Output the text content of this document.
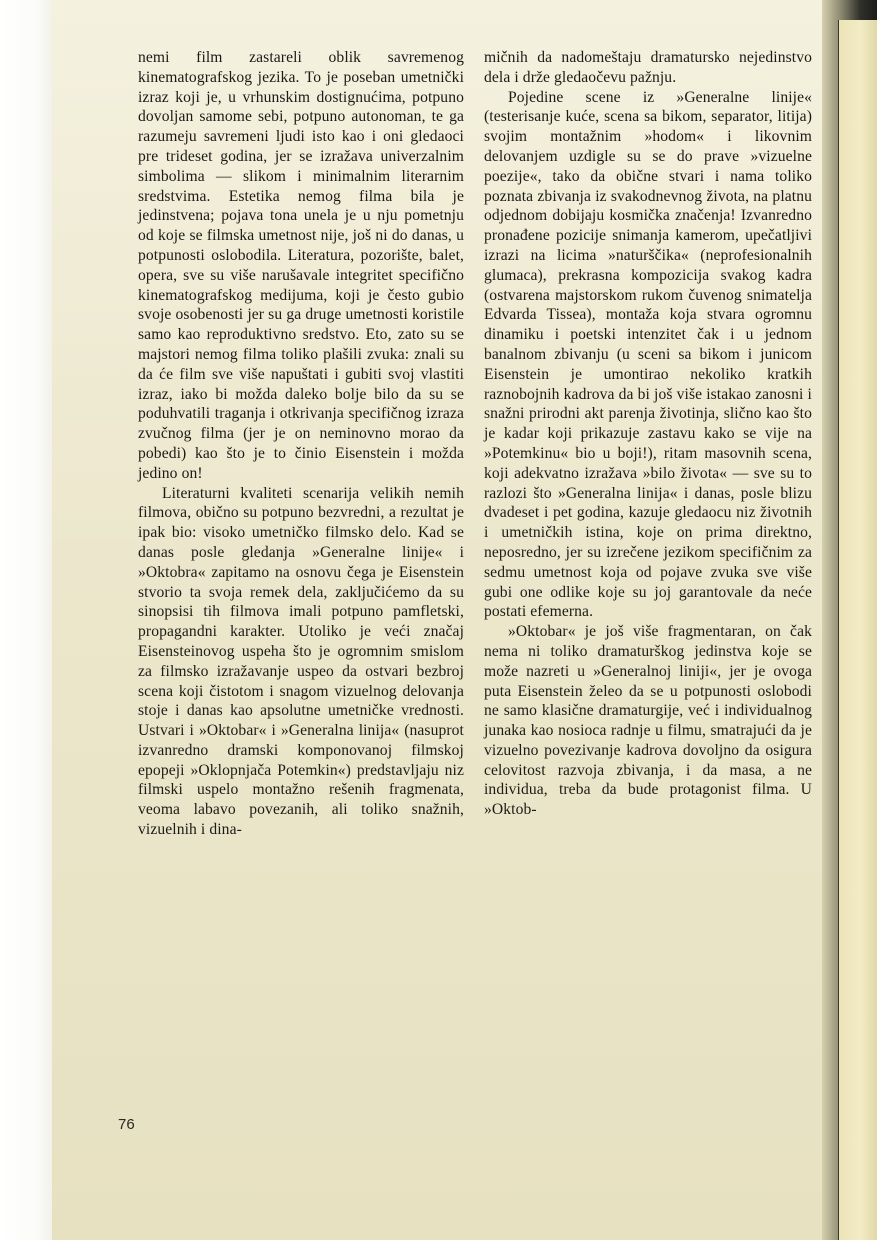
nemi film zastareli oblik savremenog kinematografskog jezika. To je poseban umetnički izraz koji je, u vrhunskim dostignućima, potpuno dovoljan samome sebi, potpuno autonoman, te ga razumeju savremeni ljudi isto kao i oni gledaoci pre trideset godina, jer se izražava univerzalnim simbolima — slikom i minimalnim literarnim sredstvima. Estetika nemog filma bila je jedinstvena; pojava tona unela je u nju pometnju od koje se filmska umetnost nije, još ni do danas, u potpunosti oslobodila. Literatura, pozorište, balet, opera, sve su više narušavale integritet specifično kinematografskog medijuma, koji je često gubio svoje osobenosti jer su ga druge umetnosti koristile samo kao reproduktivno sredstvo. Eto, zato su se majstori nemog filma toliko plašili zvuka: znali su da će film sve više napuštati i gubiti svoj vlastiti izraz, iako bi možda daleko bolje bilo da su se poduhvatili traganja i otkrivanja specifičnog izraza zvučnog filma (jer je on neminovno morao da pobedi) kao što je to činio Eisenstein i možda jedino on!

Literaturni kvaliteti scenarija velikih nemih filmova, obično su potpuno bezvredni, a rezultat je ipak bio: visoko umetničko filmsko delo. Kad se danas posle gledanja »Generalne linije« i »Oktobra« zapitamo na osnovu čega je Eisenstein stvorio ta svoja remek dela, zaključićemo da su sinopsisi tih filmova imali potpuno pamfletski, propagandni karakter. Utoliko je veći značaj Eisensteinovog uspeha što je ogromnim smislom za filmsko izražavanje uspeo da ostvari bezbroj scena koji čistotom i snagom vizuelnog delovanja stoje i danas kao apsolutne umetničke vrednosti. Ustvari i »Oktobar« i »Generalna linija« (nasuprot izvanredno dramski komponovanoj filmskoj epopeji »Oklopnjača Potemkin«) predstavljaju niz filmski uspelo montažno rešenih fragmenata, veoma labavo povezanih, ali toliko snažnih, vizuelnih i dina-

mičnih da nadomeštaju dramatursko nejedinstvo dela i drže gledaočevu pažnju.

Pojedine scene iz »Generalne linije« (testerisanje kuće, scena sa bikom, separator, litija) svojim montažnim »hodom« i likovnim delovanjem uzdigle su se do prave »vizuelne poezije«, tako da obične stvari i nama toliko poznata zbivanja iz svakodnevnog života, na platnu odjednom dobijaju kosmička značenja! Izvanredno pronađene pozicije snimanja kamerom, upečatljivi izrazi na licima »naturščika« (neprofesionalnih glumaca), prekrasna kompozicija svakog kadra (ostvarena majstorskom rukom čuvenog snimatelja Edvarda Tissea), montaža koja stvara ogromnu dinamiku i poetski intenzitet čak i u jednom banalnom zbivanju (u sceni sa bikom i junicom Eisenstein je umontirao nekoliko kratkih raznobojnih kadrova da bi još više istakao zanosni i snažni prirodni akt parenja životinja, slično kao što je kadar koji prikazuje zastavu kako se vije na »Potemkinu« bio u boji!), ritam masovnih scena, koji adekvatno izražava »bilo života« — sve su to razlozi što »Generalna linija« i danas, posle blizu dvadeset i pet godina, kazuje gledaocu niz životnih i umetničkih istina, koje on prima direktno, neposredno, jer su izrečene jezikom specifičnim za sedmu umetnost koja od pojave zvuka sve više gubi one odlike koje su joj garantovale da neće postati efemerna.

»Oktobar« je još više fragmentaran, on čak nema ni toliko dramaturškog jedinstva koje se može nazreti u »Generalnoj liniji«, jer je ovoga puta Eisenstein želeo da se u potpunosti oslobodi ne samo klasične dramaturgije, već i individualnog junaka kao nosioca radnje u filmu, smatrajući da je vizuelno povezivanje kadrova dovoljno da osigura celovitost razvoja zbivanja, i da masa, a ne individua, treba da bude protagonist filma. U »Oktob-

76
